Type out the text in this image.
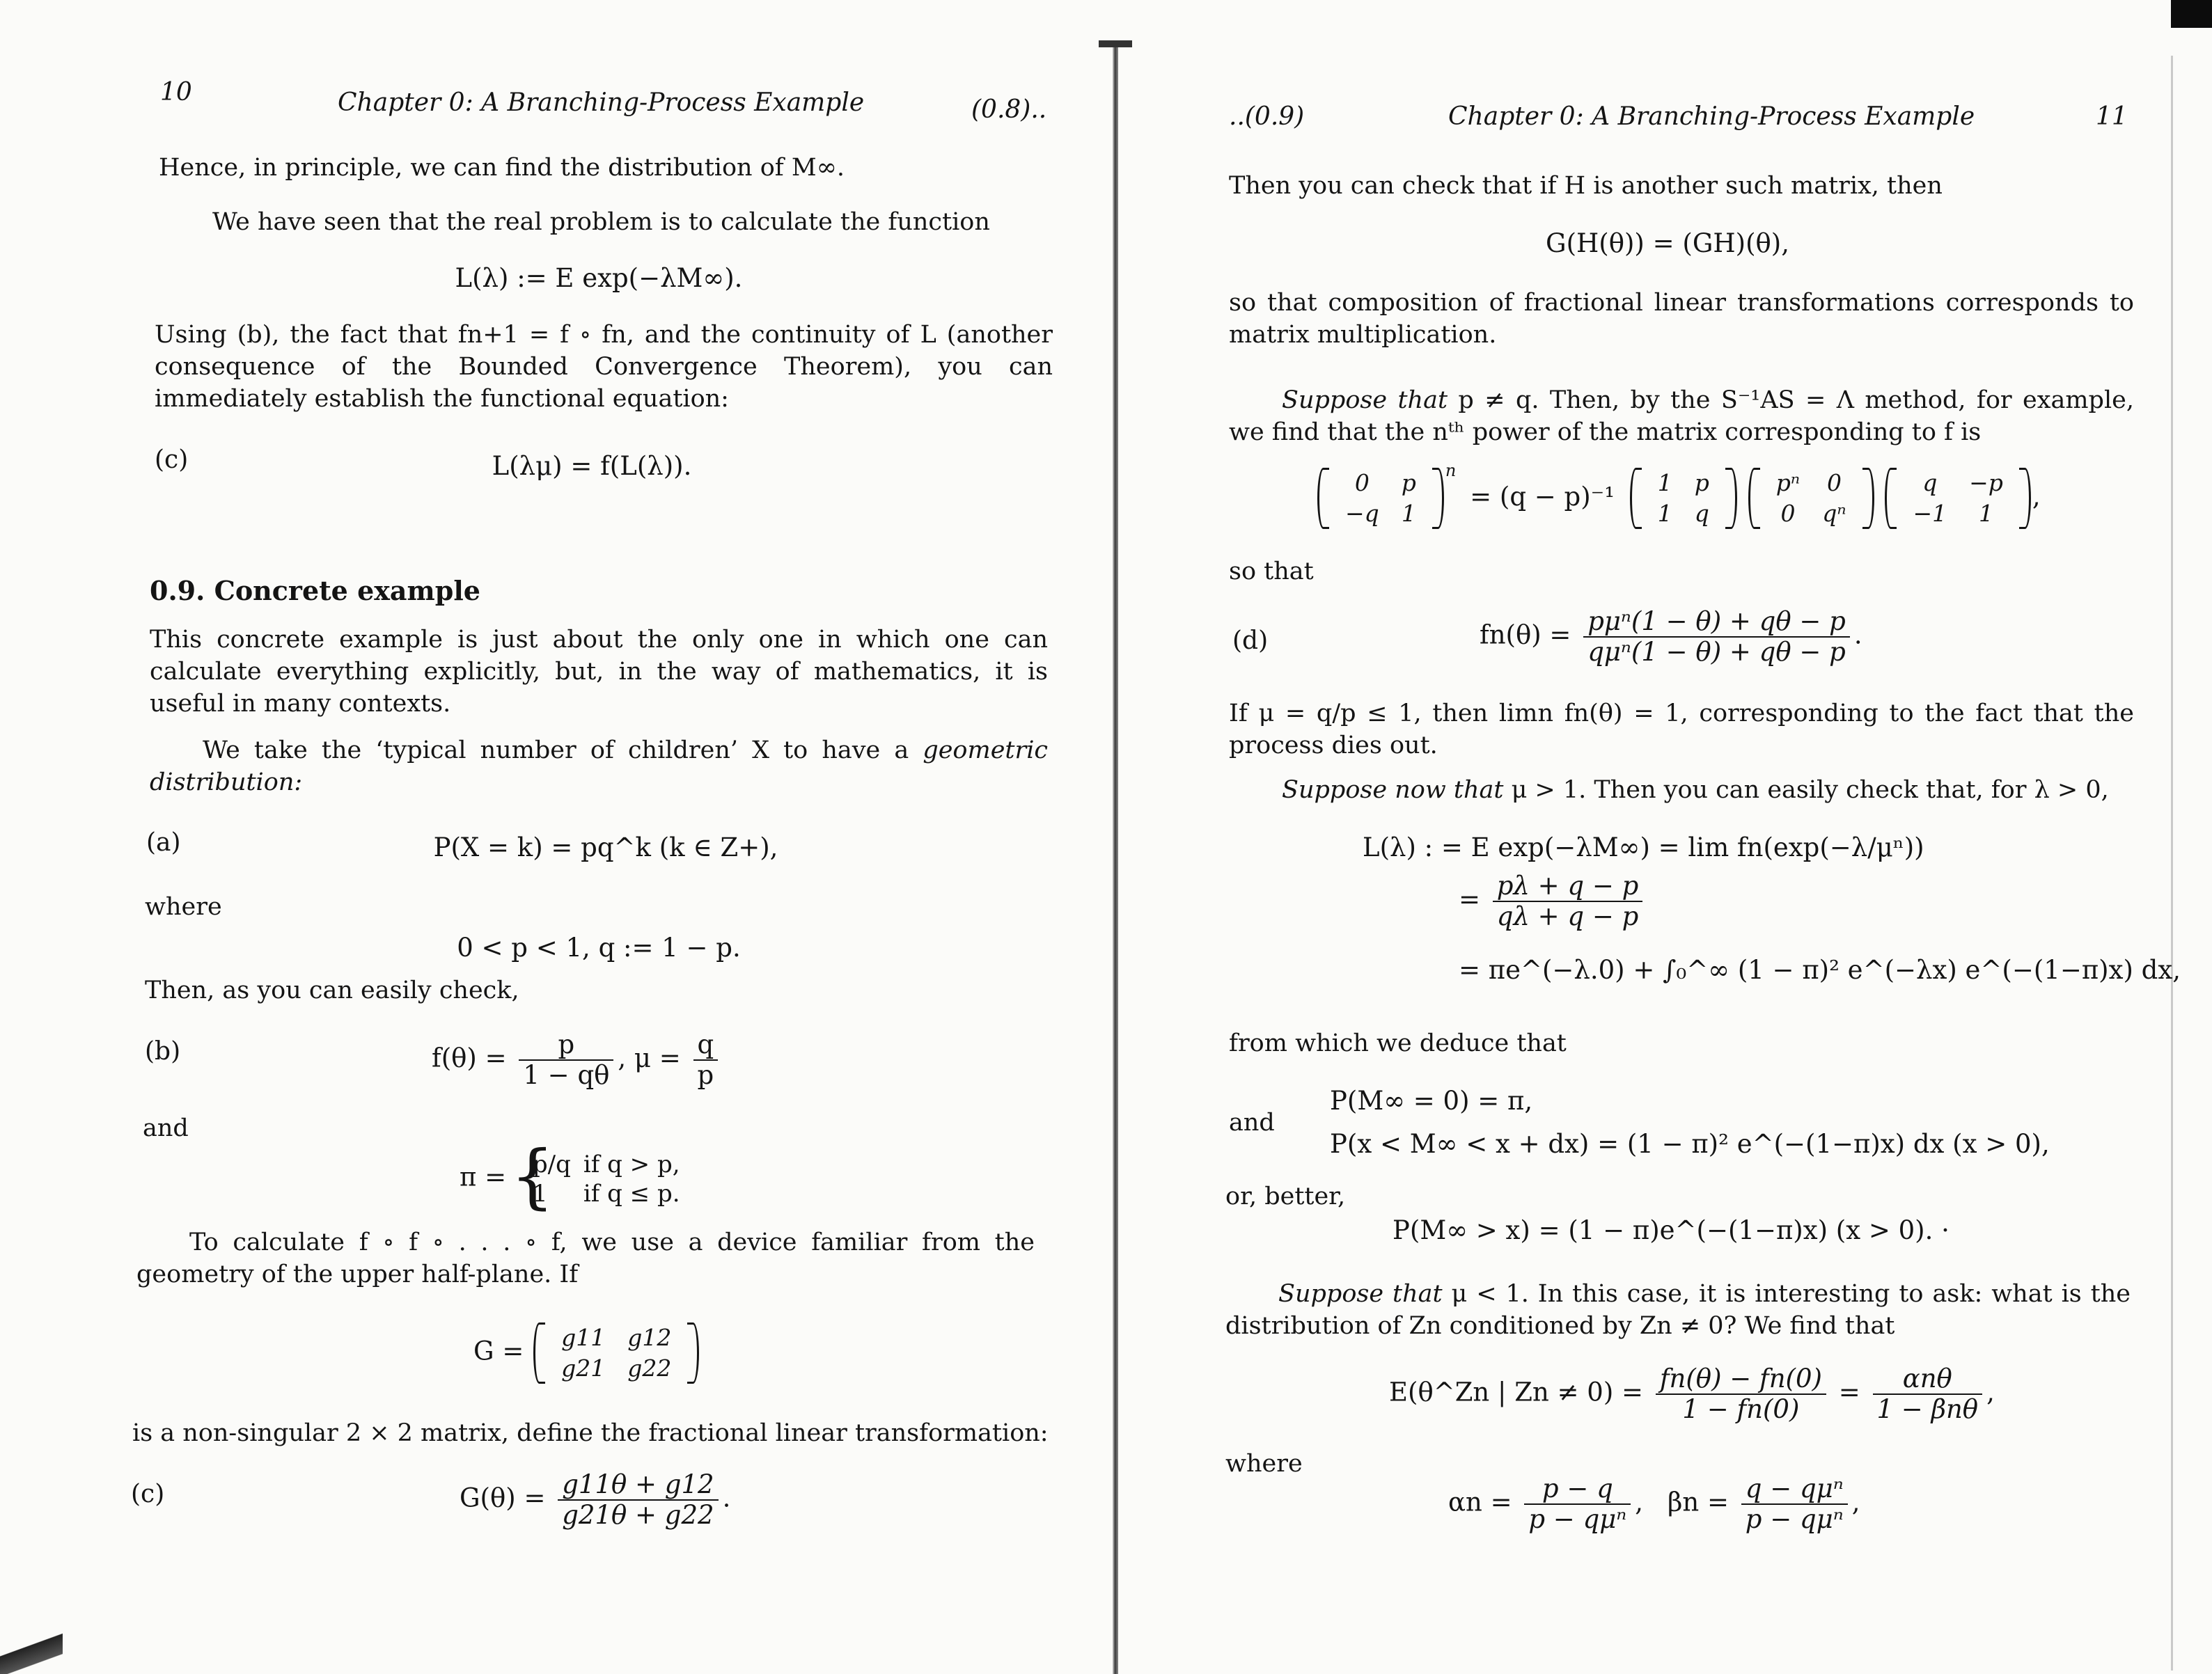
10	Chapter 0: A Branching-Process Example	(0.8)..

Hence, in principle, we can find the distribution of M∞.

We have seen that the real problem is to calculate the function

L(λ) := E exp(−λM∞).

Using (b), the fact that fn+1 = f ∘ fn, and the continuity of L (another consequence of the Bounded Convergence Theorem), you can immediately establish the functional equation:

(c)	L(λμ) = f(L(λ)).
0.9. Concrete example

This concrete example is just about the only one in which one can calculate everything explicitly, but, in the way of mathematics, it is useful in many contexts.

We take the ‘typical number of children’ X to have a geometric distribution:

(a)	P(X = k) = pq^k (k ∈ Z+),

where

0 < p < 1, q := 1 − p.

Then, as you can easily check,

(b)	$f(\theta) = \frac{p}{1 - q\theta}$ , $\mu = \frac{q}{p}$

and

π = { p/q	if q > p,
1	if q ≤ p.

To calculate f ∘ f ∘ . . . ∘ f, we use a device familiar from the geometry of the upper half-plane. If

G = g11	g12
g21	g22

is a non-singular 2 × 2 matrix, define the fractional linear transformation:

(c)	$G(\theta) = \frac{g11\theta + g12}{g21\theta + g22}$ .
..(0.9)	Chapter 0: A Branching-Process Example	11

Then you can check that if H is another such matrix, then

G(H(θ)) = (GH)(θ),

so that composition of fractional linear transformations corresponds to matrix multiplication.

Suppose that p ≠ q. Then, by the S⁻¹AS = Λ method, for example, we find that the nᵗʰ power of the matrix corresponding to f is

0	p
−q	1
$^n$ = (q − p)⁻¹ 1	p
1	q

pⁿ	0
0	qⁿ

q	−p
−1	1
,

so that

(d)	$fn(\theta) = \frac{\text{pμⁿ(1 − θ) + qθ − p}}{\text{qμⁿ(1 − θ) + qθ − p}}$ .

If μ = q/p ≤ 1, then limn fn(θ) = 1, corresponding to the fact that the process dies out.

Suppose now that μ > 1. Then you can easily check that, for λ > 0,

L(λ) : = E exp(−λM∞) = lim fn(exp(−λ/μⁿ))
= $\frac{p\lambda + q - p}{q\lambda + q - p}$
= πe^(−λ.0) + ∫₀^∞ (1 − π)² e^(−λx) e^(−(1−π)x) dx,

from which we deduce that

and

P(M∞ = 0) = π,
P(x < M∞ < x + dx) = (1 − π)² e^(−(1−π)x) dx (x > 0),

or, better,

P(M∞ > x) = (1 − π)e^(−(1−π)x) (x > 0). ·

Suppose that μ < 1. In this case, it is interesting to ask: what is the distribution of Zn conditioned by Zn ≠ 0? We find that

E(θ^Zn | $Zn \ne 0) = \frac{fn(\theta) - fn(0)}{1 - fn(0)} = \frac{\text{αnθ}}{\text{1 − βnθ}}$ ,

where

$\alpha n = \frac{p - q}{\text{p − qμⁿ}}$ , $\beta n = \frac{\text{q − qμⁿ}}{\text{p − qμⁿ}}$ ,
